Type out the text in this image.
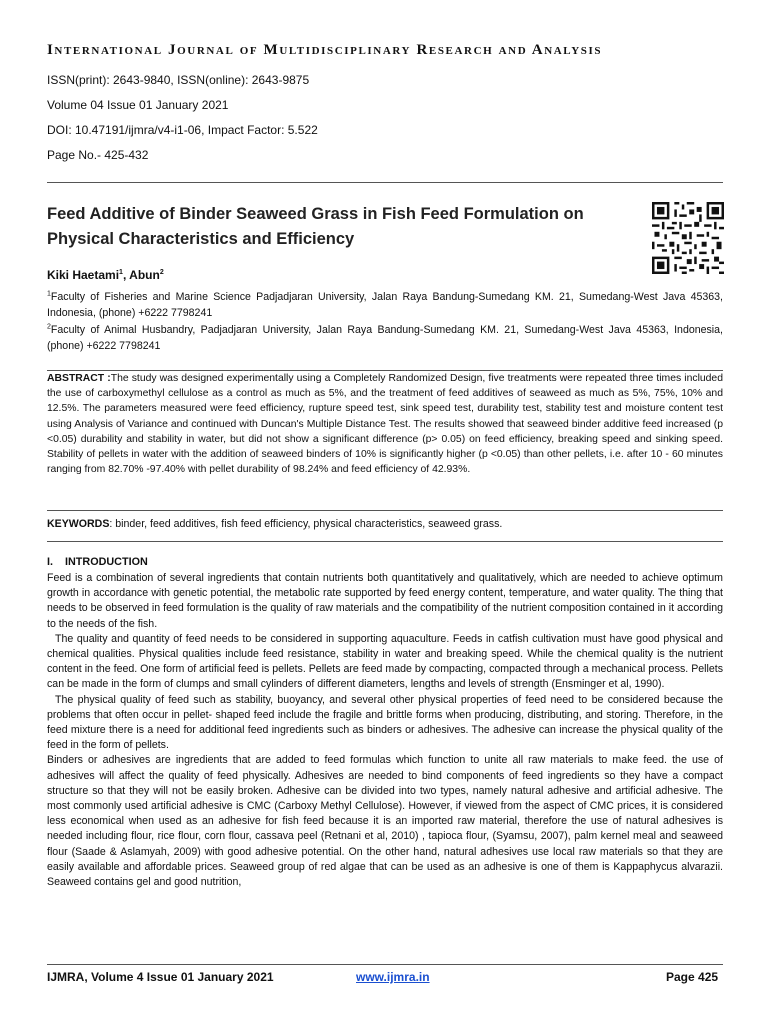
International Journal of Multidisciplinary Research and Analysis
ISSN(print): 2643-9840, ISSN(online): 2643-9875
Volume 04 Issue 01 January 2021
DOI: 10.47191/ijmra/v4-i1-06, Impact Factor: 5.522
Page No.- 425-432
Feed Additive of Binder Seaweed Grass in Fish Feed Formulation on Physical Characteristics and Efficiency
Kiki Haetami$^1$, Abun$^2$
$^1$Faculty of Fisheries and Marine Science Padjadjaran University, Jalan Raya Bandung-Sumedang KM. 21, Sumedang-West Java 45363, Indonesia, (phone) +6222 7798241
$^2$Faculty of Animal Husbandry, Padjadjaran University, Jalan Raya Bandung-Sumedang KM. 21, Sumedang-West Java 45363, Indonesia, (phone) +6222 7798241
ABSTRACT :The study was designed experimentally using a Completely Randomized Design, five treatments were repeated three times included the use of carboxymethyl cellulose as a control as much as 5%, and the treatment of feed additives of seaweed as much as 5%, 75%, 10% and 12.5%. The parameters measured were feed efficiency, rupture speed test, sink speed test, durability test, stability test and moisture content test using Analysis of Variance and continued with Duncan's Multiple Distance Test. The results showed that seaweed binder additive feed increased (p <0.05) durability and stability in water, but did not show a significant difference (p> 0.05) on feed efficiency, breaking speed and sinking speed. Stability of pellets in water with the addition of seaweed binders of 10% is significantly higher (p <0.05) than other pellets, i.e. after 10 - 60 minutes ranging from 82.70% -97.40% with pellet durability of 98.24% and feed efficiency of 42.93%.
KEYWORDS: binder, feed additives, fish feed efficiency, physical characteristics, seaweed grass.
I.    INTRODUCTION

Feed is a combination of several ingredients that contain nutrients both quantitatively and qualitatively, which are needed to achieve optimum growth in accordance with genetic potential, the metabolic rate supported by feed energy content, temperature, and water quality. The thing that needs to be observed in feed formulation is the quality of raw materials and the compatibility of the nutrient composition contained in it according to the needs of the fish.

The quality and quantity of feed needs to be considered in supporting aquaculture. Feeds in catfish cultivation must have good physical and chemical qualities. Physical qualities include feed resistance, stability in water and breaking speed. While the chemical quality is the nutrient content in the feed. One form of artificial feed is pellets. Pellets are feed made by compacting, compacted through a mechanical process. Pellets can be made in the form of clumps and small cylinders of different diameters, lengths and levels of strength (Ensminger et al, 1990).

The physical quality of feed such as stability, buoyancy, and several other physical properties of feed need to be considered because the problems that often occur in pellet- shaped feed include the fragile and brittle forms when producing, distributing, and storing. Therefore, in the feed mixture there is a need for additional feed ingredients such as binders or adhesives. The adhesive can increase the physical quality of the feed in the form of pellets.

Binders or adhesives are ingredients that are added to feed formulas which function to unite all raw materials to make feed. the use of adhesives will affect the quality of feed physically. Adhesives are needed to bind components of feed ingredients so they have a compact structure so that they will not be easily broken. Adhesive can be divided into two types, namely natural adhesive and artificial adhesive. The most commonly used artificial adhesive is CMC (Carboxy Methyl Cellulose). However, if viewed from the aspect of CMC prices, it is considered less economical when used as an adhesive for fish feed because it is an imported raw material, therefore the use of natural adhesives is needed including flour, rice flour, corn flour, cassava peel (Retnani et al, 2010) , tapioca flour, (Syamsu, 2007), palm kernel meal and seaweed flour (Saade & Aslamyah, 2009) with good adhesive potential. On the other hand, natural adhesives use local raw materials so that they are easily available and affordable prices. Seaweed group of red algae that can be used as an adhesive is one of them is Kappaphycus alvarazii. Seaweed contains gel and good nutrition,

IJMRA, Volume 4 Issue 01 January 2021	www.ijmra.in	Page 425
